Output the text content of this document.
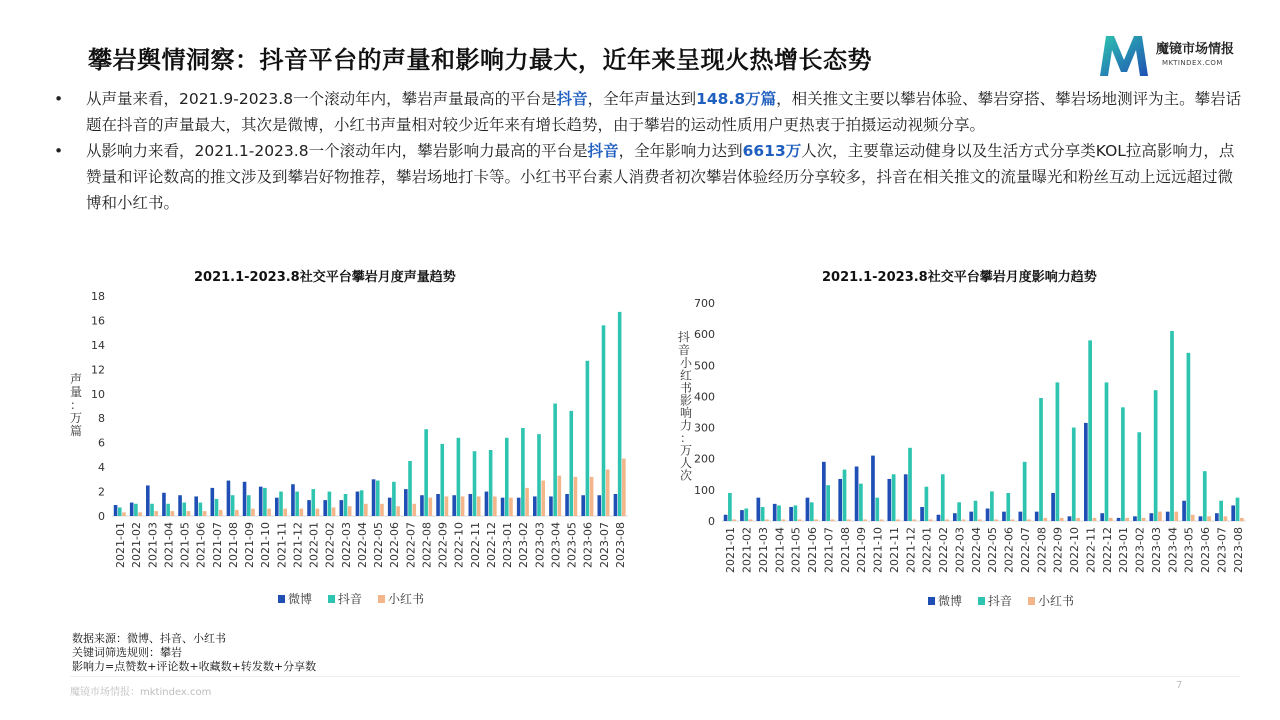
攀岩舆情洞察：抖音平台的声量和影响力最大，近年来呈现火热增长态势	魔镜市场情报
MKTINDEX.COM
• 从声量来看，2021.9-2023.8一个滚动年内，攀岩声量最高的平台是抖音，全年声量达到148.8万篇，相关推文主要以攀岩体验、攀岩穿搭、攀岩场地测评为主。攀岩话题在抖音的声量最大，其次是微博，小红书声量相对较少近年来有增长趋势，由于攀岩的运动性质用户更热衷于拍摄运动视频分享。
• 从影响力来看，2021.1-2023.8一个滚动年内，攀岩影响力最高的平台是抖音，全年影响力达到6613万人次，主要靠运动健身以及生活方式分享类KOL拉高影响力，点赞量和评论数高的推文涉及到攀岩好物推荐，攀岩场地打卡等。小红书平台素人消费者初次攀岩体验经历分享较多，抖音在相关推文的流量曝光和粉丝互动上远远超过微博和小红书。
2021.1-2023.8社交平台攀岩月度声量趋势
声量：万篇
0
2
4
6
8
10
12
14
16
18
2021-01 2021-02 2021-03 2021-04 2021-05 2021-06 2021-07 2021-08 2021-09 2021-10 2021-11 2021-12 2022-01 2022-02 2022-03 2022-04 2022-05 2022-06 2022-07 2022-08 2022-09 2022-10 2022-11 2022-12 2023-01 2023-02 2023-03 2023-04 2023-05 2023-06 2023-07 2023-08
微博 抖音 小红书
2021.1-2023.8社交平台攀岩月度影响力趋势
抖音
小红书影响力：万人次
0
100
200
300
400
500
600
700
2021-01 2021-02 2021-03 2021-04 2021-05 2021-06 2021-07 2021-08 2021-09 2021-10 2021-11 2021-12 2022-01 2022-02 2022-03 2022-04 2022-05 2022-06 2022-07 2022-08 2022-09 2022-10 2022-11 2022-12 2023-01 2023-02 2023-03 2023-04 2023-05 2023-06 2023-07 2023-08
微博 抖音 小红书
数据来源：微博、抖音、小红书
关键词筛选规则：攀岩
影响力=点赞数+评论数+收藏数+转发数+分享数
魔镜市场情报：mktindex.com
7
